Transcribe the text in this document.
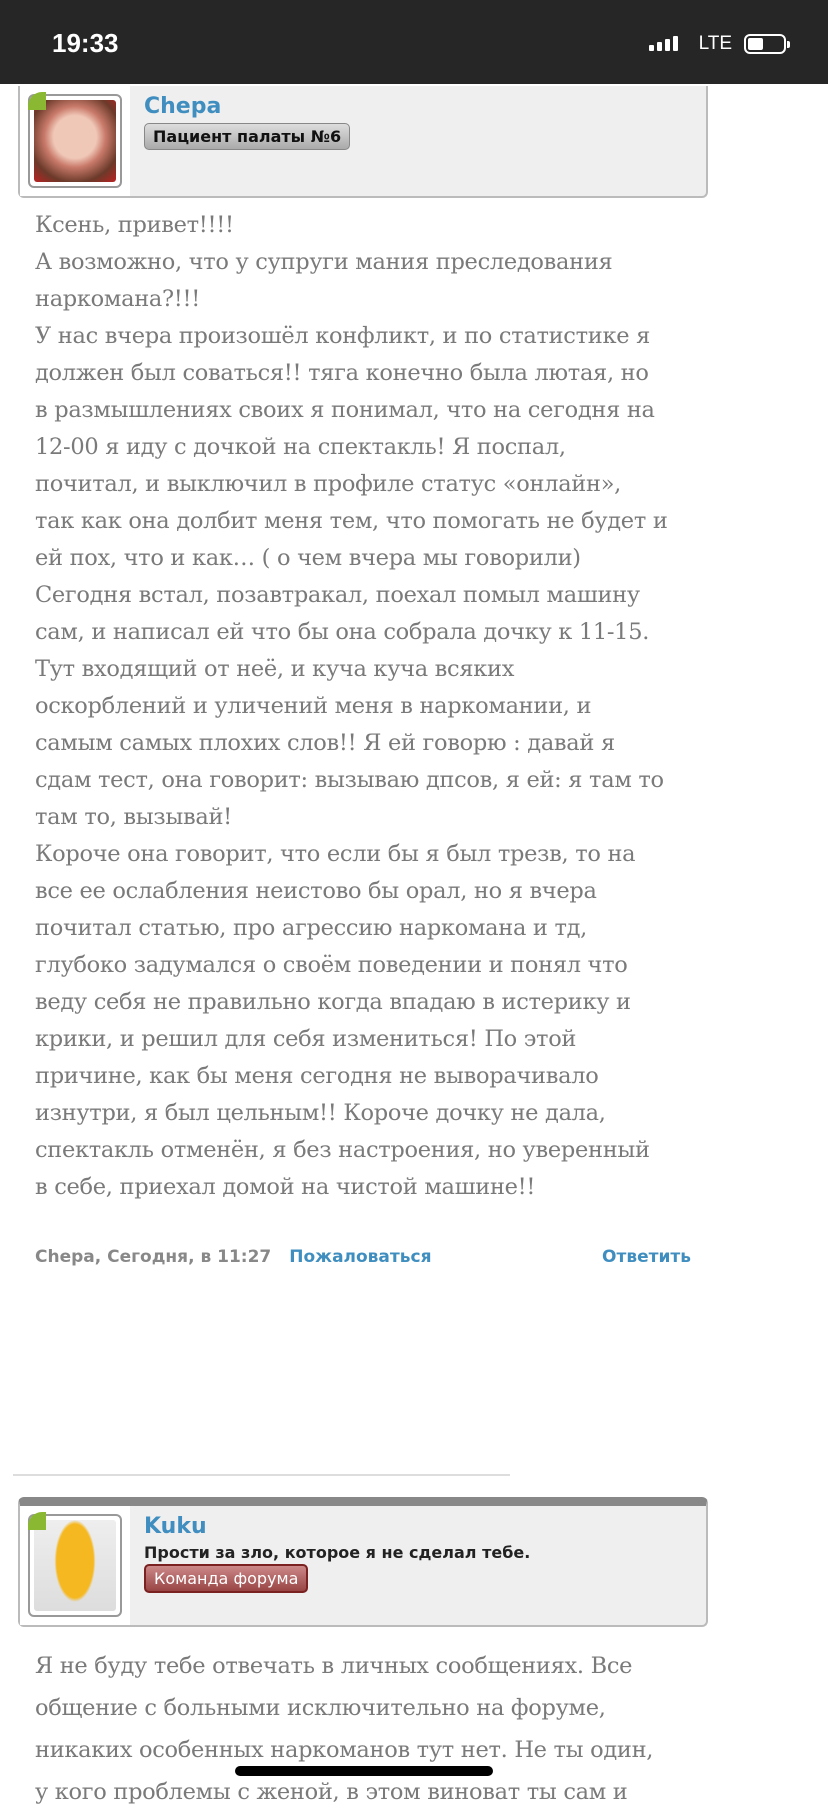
19:33	LTE
Chepa
Пациент палаты №6
Ксень, привет!!!!
А возможно, что у супруги мания преследования
наркомана?!!!
У нас вчера произошёл конфликт, и по статистике я
должен был соваться!! тяга конечно была лютая, но
в размышлениях своих я понимал, что на сегодня на
12-00 я иду с дочкой на спектакль! Я поспал,
почитал, и выключил в профиле статус «онлайн»,
так как она долбит меня тем, что помогать не будет и
ей пох, что и как… ( о чем вчера мы говорили)
Сегодня встал, позавтракал, поехал помыл машину
сам, и написал ей что бы она собрала дочку к 11-15.
Тут входящий от неё, и куча куча всяких
оскорблений и уличений меня в наркомании, и
самым самых плохих слов!! Я ей говорю : давай я
сдам тест, она говорит: вызываю дпсов, я ей: я там то
там то, вызывай!
Короче она говорит, что если бы я был трезв, то на
все ее ослабления неистово бы орал, но я вчера
почитал статью, про агрессию наркомана и тд,
глубоко задумался о своём поведении и понял что
веду себя не правильно когда впадаю в истерику и
крики, и решил для себя измениться! По этой
причине, как бы меня сегодня не выворачивало
изнутри, я был цельным!! Короче дочку не дала,
спектакль отменён, я без настроения, но уверенный
в себе, приехал домой на чистой машине!!
Chepa, Сегодня, в 11:27 Пожаловаться	Ответить
Kuku
Прости за зло, которое я не сделал тебе.
Команда форума
Я не буду тебе отвечать в личных сообщениях. Все
общение с больными исключительно на форуме,
никаких особенных наркоманов тут нет. Не ты один,
у кого проблемы с женой, в этом виноват ты сам и
